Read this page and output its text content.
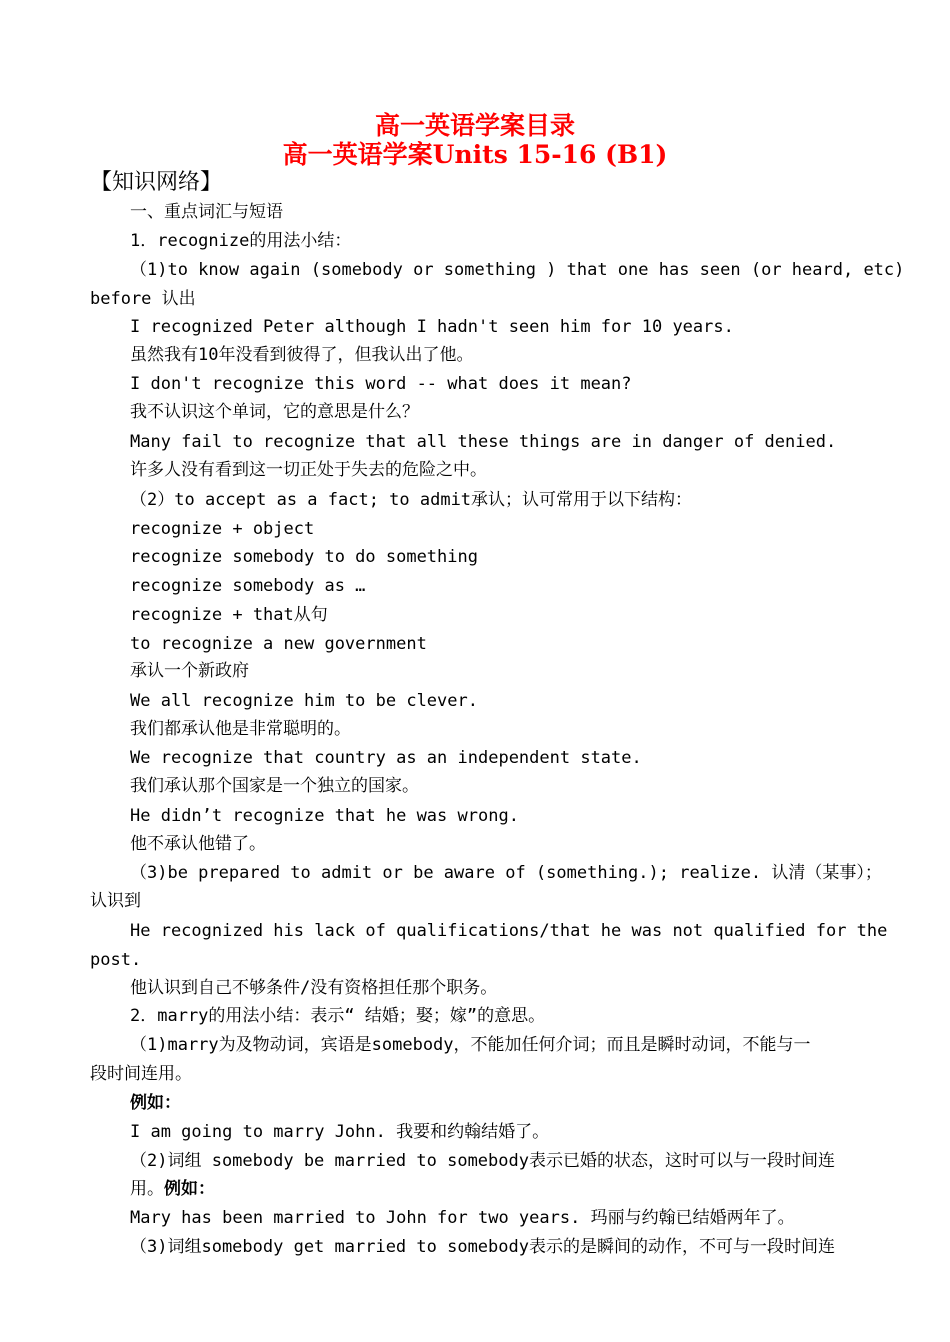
高一英语学案目录
高一英语学案Units 15-16 (B1)
【知识网络】
一、重点词汇与短语
1．recognize的用法小结：
（1)to know again (somebody or something ) that one has seen (or heard, etc)
before 认出
I recognized Peter although I hadn't seen him for 10 years.
虽然我有10年没看到彼得了，但我认出了他。
I don't recognize this word -- what does it mean?
我不认识这个单词，它的意思是什么？
Many fail to recognize that all these things are in danger of denied.
许多人没有看到这一切正处于失去的危险之中。
（2）to accept as a fact; to admit承认；认可常用于以下结构：
recognize + object
recognize somebody to do something
recognize somebody as …
recognize + that从句
to recognize a new government
承认一个新政府
We all recognize him to be clever.
我们都承认他是非常聪明的。
We recognize that country as an independent state.
我们承认那个国家是一个独立的国家。
He didn’t recognize that he was wrong.
他不承认他错了。
（3)be prepared to admit or be aware of (something.); realize. 认清（某事）；
认识到
He recognized his lack of qualifications/that he was not qualified for the
post.
他认识到自己不够条件/没有资格担任那个职务。
2．marry的用法小结：表示“ 结婚；娶；嫁”的意思。
（1)marry为及物动词，宾语是somebody，不能加任何介词；而且是瞬时动词，不能与一
段时间连用。
例如：
I am going to marry John. 我要和约翰结婚了。
（2)词组 somebody be married to somebody表示已婚的状态，这时可以与一段时间连
用。例如：
Mary has been married to John for two years. 玛丽与约翰已结婚两年了。
（3)词组somebody get married to somebody表示的是瞬间的动作，不可与一段时间连
